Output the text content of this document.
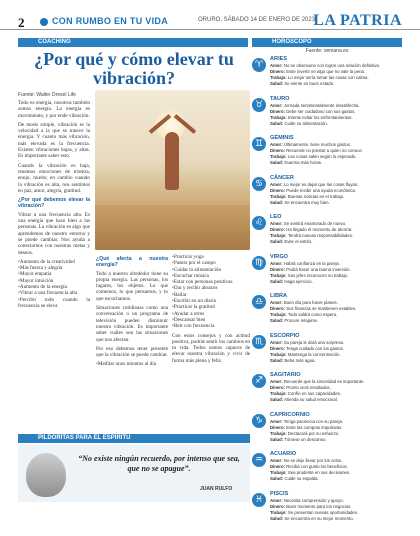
2	CON RUMBO EN TU VIDA	ORURO, SÁBADO 14 DE ENERO DE 2023
LA PATRIA
COACHING	HORÓSCOPO
¿Por qué y cómo elevar tu vibración?
Fuente: Walter Dresel Life

Todo es energía, nosotros también somos energía. La energía es movimiento, y por ende vibración.

De modo simple, vibración es la velocidad a la que se mueve la energía. Y cuanto más vibración, más elevada es la frecuencia. Existen vibraciones bajas, y altas. Es importante saber esto.

Cuando la vibración es baja, tenemos emociones de tristeza, enojo, miedo; en cambio cuando la vibración es alta, nos sentimos en paz, amor, alegría, gratitud.

¿Por qué debemos elevar la vibración?

Vibrar a una frecuencia alta. Es una energía que hace bien a las personas. La vibración es algo que aprendemos de nuestro entorno y se puede cambiar. Nos ayuda a conectarnos con nuestras metas y deseos.

• Aumento de la creatividad
• Más fuerza y alegría
• Mayor empatía
• Mayor intuición
• Aumento de la energía
• Vibrar a una frecuencia alta
• Percibir todo cuando la frecuencia se eleva
¿Qué afecta a nuestra energía?

Todo a nuestro alrededor tiene su propia energía. Las personas, los lugares, los objetos. Lo que comemos, lo que pensamos, y lo que escuchamos.

Situaciones cotidianas como una conversación o un programa de televisión pueden disminuir nuestra vibración. Es importante saber cuáles son las situaciones que nos afectan.

Por eso debemos tener presente que la vibración se puede cambiar.

• Meditar unos minutos al día
• Practicar yoga
• Pasear por el campo
• Cuidar la alimentación
• Escuchar música
• Estar con personas positivas
• Dar y recibir abrazos
• Bailar
• Escribir en un diario
• Practicar la gratitud
• Ayudar a otros
• Descansar bien
• Reír con frecuencia

Con estos consejos y con actitud positiva, podrás sentir los cambios en tu vida. Todos somos capaces de elevar nuestra vibración y vivir de forma más plena y feliz.

PILDORITAS PARA EL ESPÍRITU
“No existe ningún recuerdo, por intenso que sea, que no se apague”.
JUAN RULFO
Fuente: semana.es
♈
ARIES
Amor: No se obsesione con lograr una relación definitiva.
Dinero: Evite invertir en algo que no vale la pena.
Trabajo: Lo mejor sería tomar las cosas con calma.
Salud: Se siente en buen estado.
♉
TAURO
Amor: Jornada sentimentalmente insatisfecha.
Dinero: Debe ser cuidadoso con sus gastos.
Trabajo: Intente evitar los enfrentamientos.
Salud: Cuide su alimentación.
♊
GÉMINIS
Amor: Últimamente, tiene muchos gastos.
Dinero: Recuerde no prestar a quien no conoce.
Trabajo: Las cosas salen según lo esperado.
Salud: Duerma más horas.
♋
CÁNCER
Amor: Lo mejor es dejar que las cosas fluyan.
Dinero: Puede recibir una ayuda económica.
Trabajo: Buenas noticias en el trabajo.
Salud: Se encuentra muy bien.
♌
LEO
Amor: Se sentirá enamorado de nuevo.
Dinero: Ha llegado el momento de ahorrar.
Trabajo: Tendrá nuevas responsabilidades.
Salud: Evite el estrés.
♍
VIRGO
Amor: Habrá confianza en la pareja.
Dinero: Podrá hacer una buena inversión.
Trabajo: Sus jefes reconocen su trabajo.
Salud: Haga ejercicio.
♎
LIBRA
Amor: Buen día para hacer planes.
Dinero: Sus finanzas se mantienen estables.
Trabajo: Todo saldrá como espera.
Salud: Procure relajarse.
♏
ESCORPIO
Amor: Su pareja le dará una sorpresa.
Dinero: Tenga cuidado con los gastos.
Trabajo: Mantenga la concentración.
Salud: Beba más agua.
♐
SAGITARIO
Amor: Recuerde que la sinceridad es importante.
Dinero: Pronto verá resultados.
Trabajo: Confíe en sus capacidades.
Salud: Atienda su salud emocional.
♑
CAPRICORNIO
Amor: Tenga paciencia con su pareja.
Dinero: Evite las compras impulsivas.
Trabajo: Destacará por su esfuerzo.
Salud: Tómese un descanso.
♒
ACUARIO
Amor: No se deje llevar por los celos.
Dinero: Reciba con gusto los beneficios.
Trabajo: Sea prudente en sus decisiones.
Salud: Cuide su espalda.
♓
PISCIS
Amor: Necesita comprensión y apoyo.
Dinero: Buen momento para los negocios.
Trabajo: Se presentan nuevas oportunidades.
Salud: Se encuentra en su mejor momento.
